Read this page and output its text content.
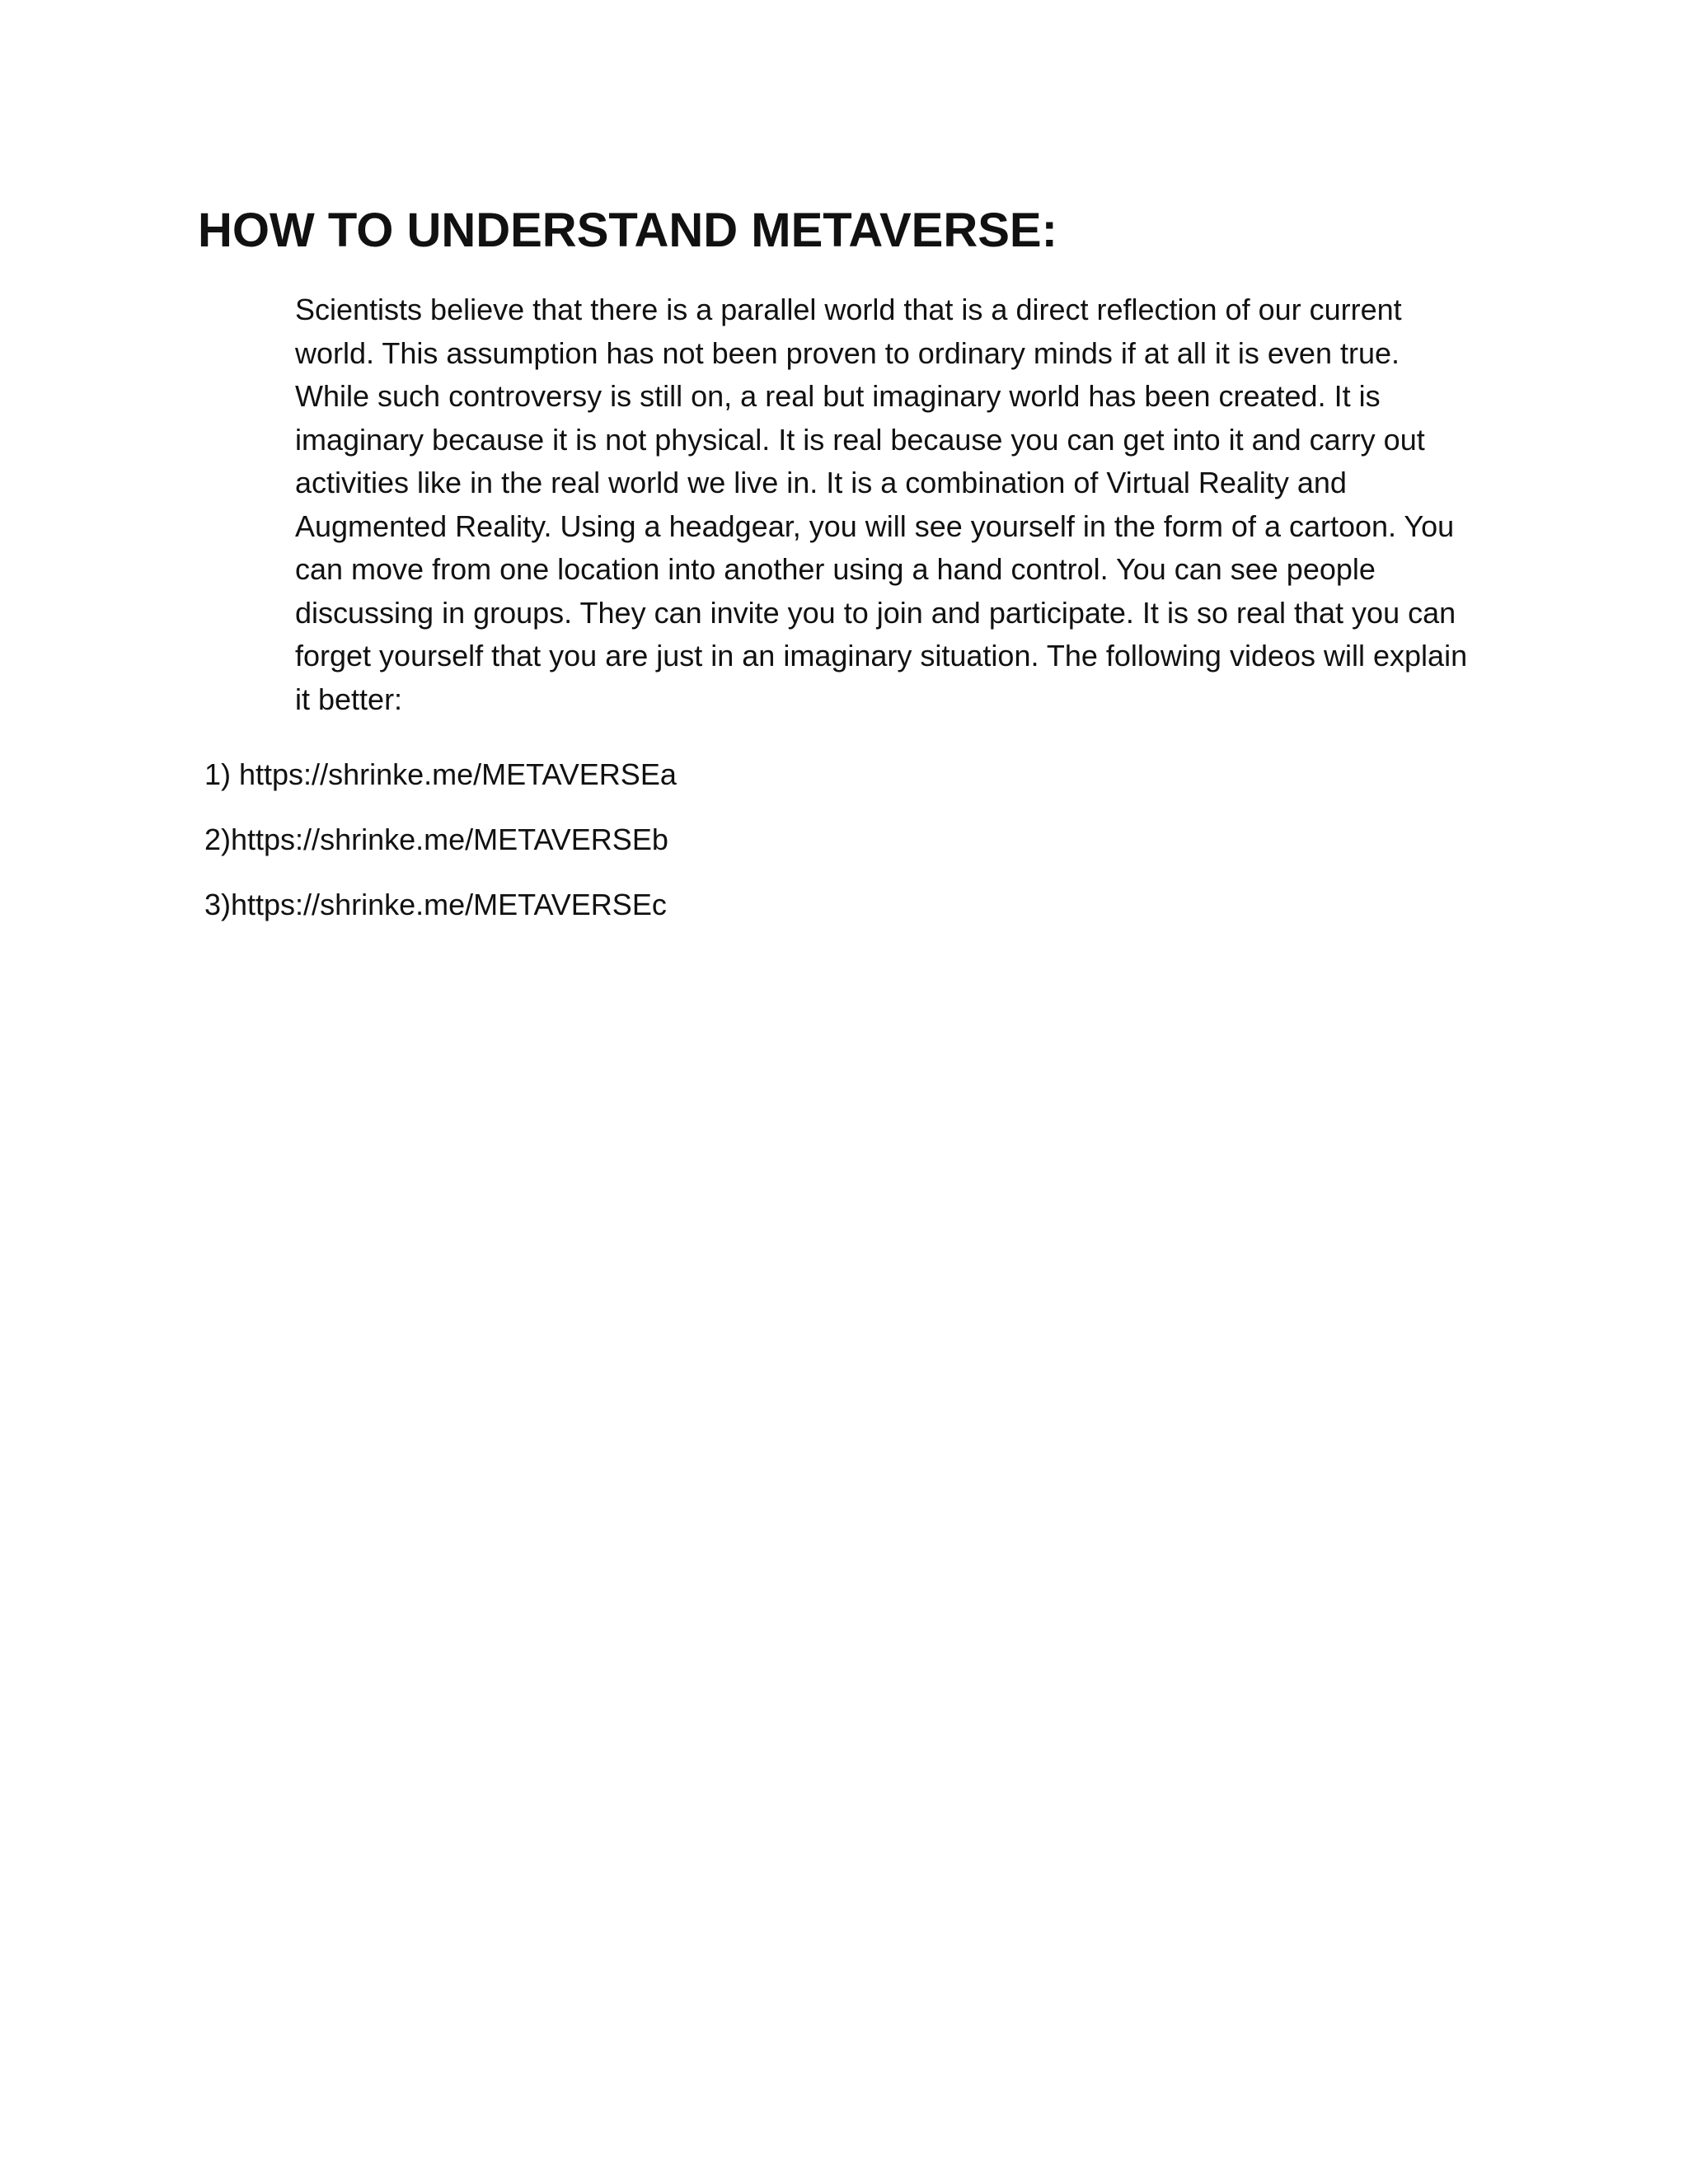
HOW TO UNDERSTAND METAVERSE:

Scientists believe that there is a parallel world that is a direct reflection of our current world. This assumption has not been proven to ordinary minds if at all it is even true. While such controversy is still on, a real but imaginary world has been created. It is imaginary because it is not physical. It is real because you can get into it and carry out activities like in the real world we live in. It is a combination of Virtual Reality and Augmented Reality. Using a headgear, you will see yourself in the form of a cartoon. You can move from one location into another using a hand control. You can see people discussing in groups. They can invite you to join and participate. It is so real that you can forget yourself that you are just in an imaginary situation. The following videos will explain it better:

1) https://shrinke.me/METAVERSEa
2)https://shrinke.me/METAVERSEb
3)https://shrinke.me/METAVERSEc
